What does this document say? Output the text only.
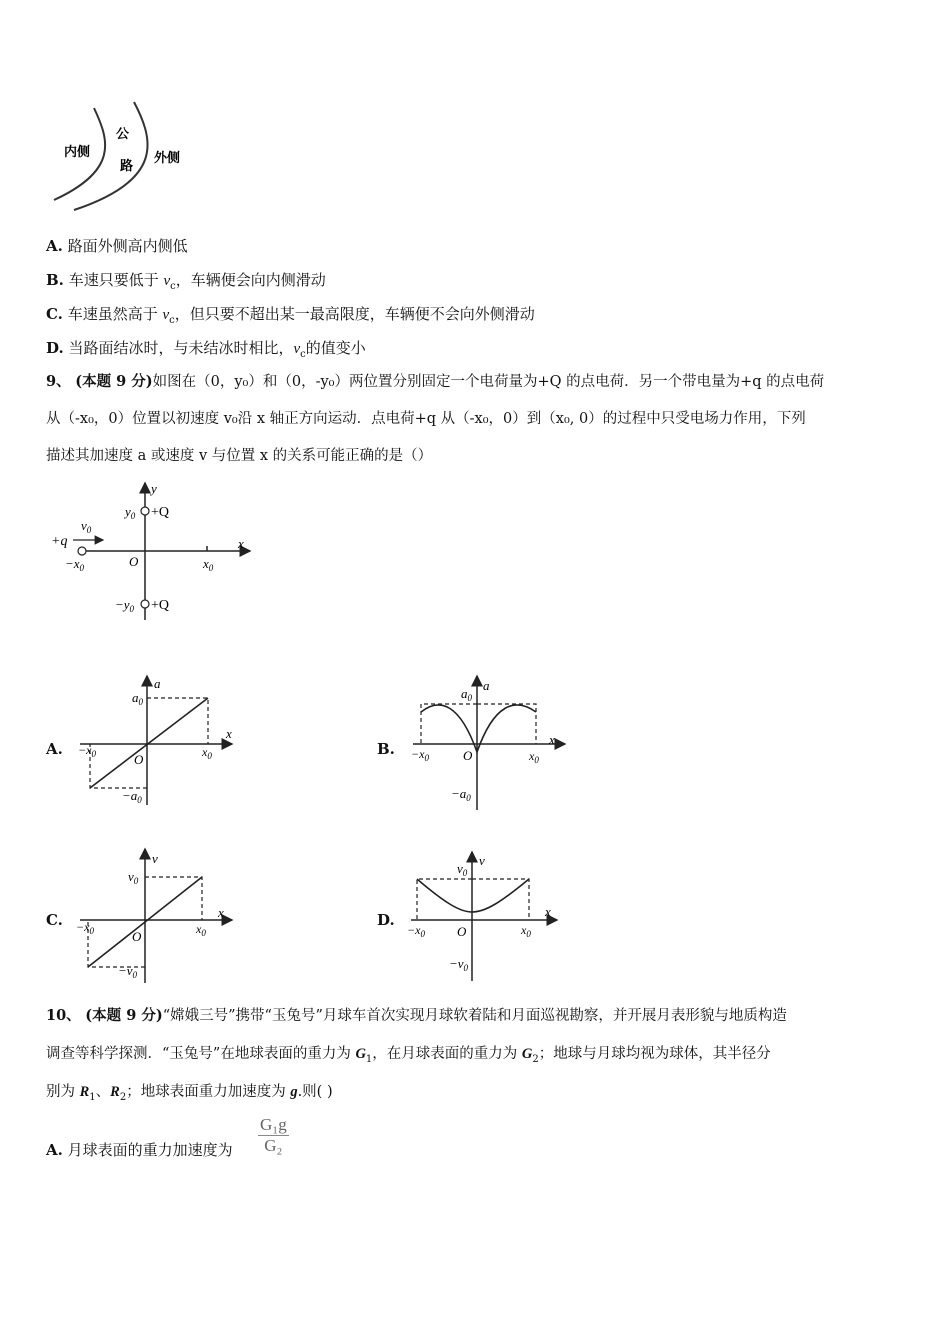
内侧
公
路
外侧
A. 路面外侧高内侧低
B. 车速只要低于 $v_c$，车辆便会向内侧滑动
C. 车速虽然高于 $v_c$，但只要不超出某一最高限度，车辆便不会向外侧滑动
D. 当路面结冰时，与未结冰时相比，$v_c$的值变小
9、 (本题 9 分)如图在（0，y₀）和（0，-y₀）两位置分别固定一个电荷量为+Q 的点电荷．另一个带电量为+q 的点电荷
从（-x₀，0）位置以初速度 v₀沿 x 轴正方向运动．点电荷+q 从（-x₀，0）到（x₀, 0）的过程中只受电场力作用，下列
描述其加速度 a 或速度 v 与位置 x 的关系可能正确的是（）
y
x
$y_0 +Q$
$-y_0 +Q$
+q
$v_0$
$-x_0$	O	$x_0$
A.
a
x
$a_0$
$-a_0$
$-x_0$	$x_0$
O
B.
a
x
$a_0$
$-a_0$
$-x_0$	$x_0$
O
C.
v
x
$v_0$
$-v_0$
$-x_0$	$x_0$
O
D.
v
x
$v_0$
$-v_0$
$-x_0$	$x_0$
O
10、 (本题 9 分)“嫦娥三号”携带“玉兔号”月球车首次实现月球软着陆和月面巡视勘察，并开展月表形貌与地质构造
调查等科学探测．“玉兔号”在地球表面的重力为 $G_1$，在月球表面的重力为 $G_2$；地球与月球均视为球体，其半径分
别为 $R_1$、$R_2$；地球表面重力加速度为 g.则( )
A. 月球表面的重力加速度为 $\frac{\text{G₁g}}{\text{G₂}}$
